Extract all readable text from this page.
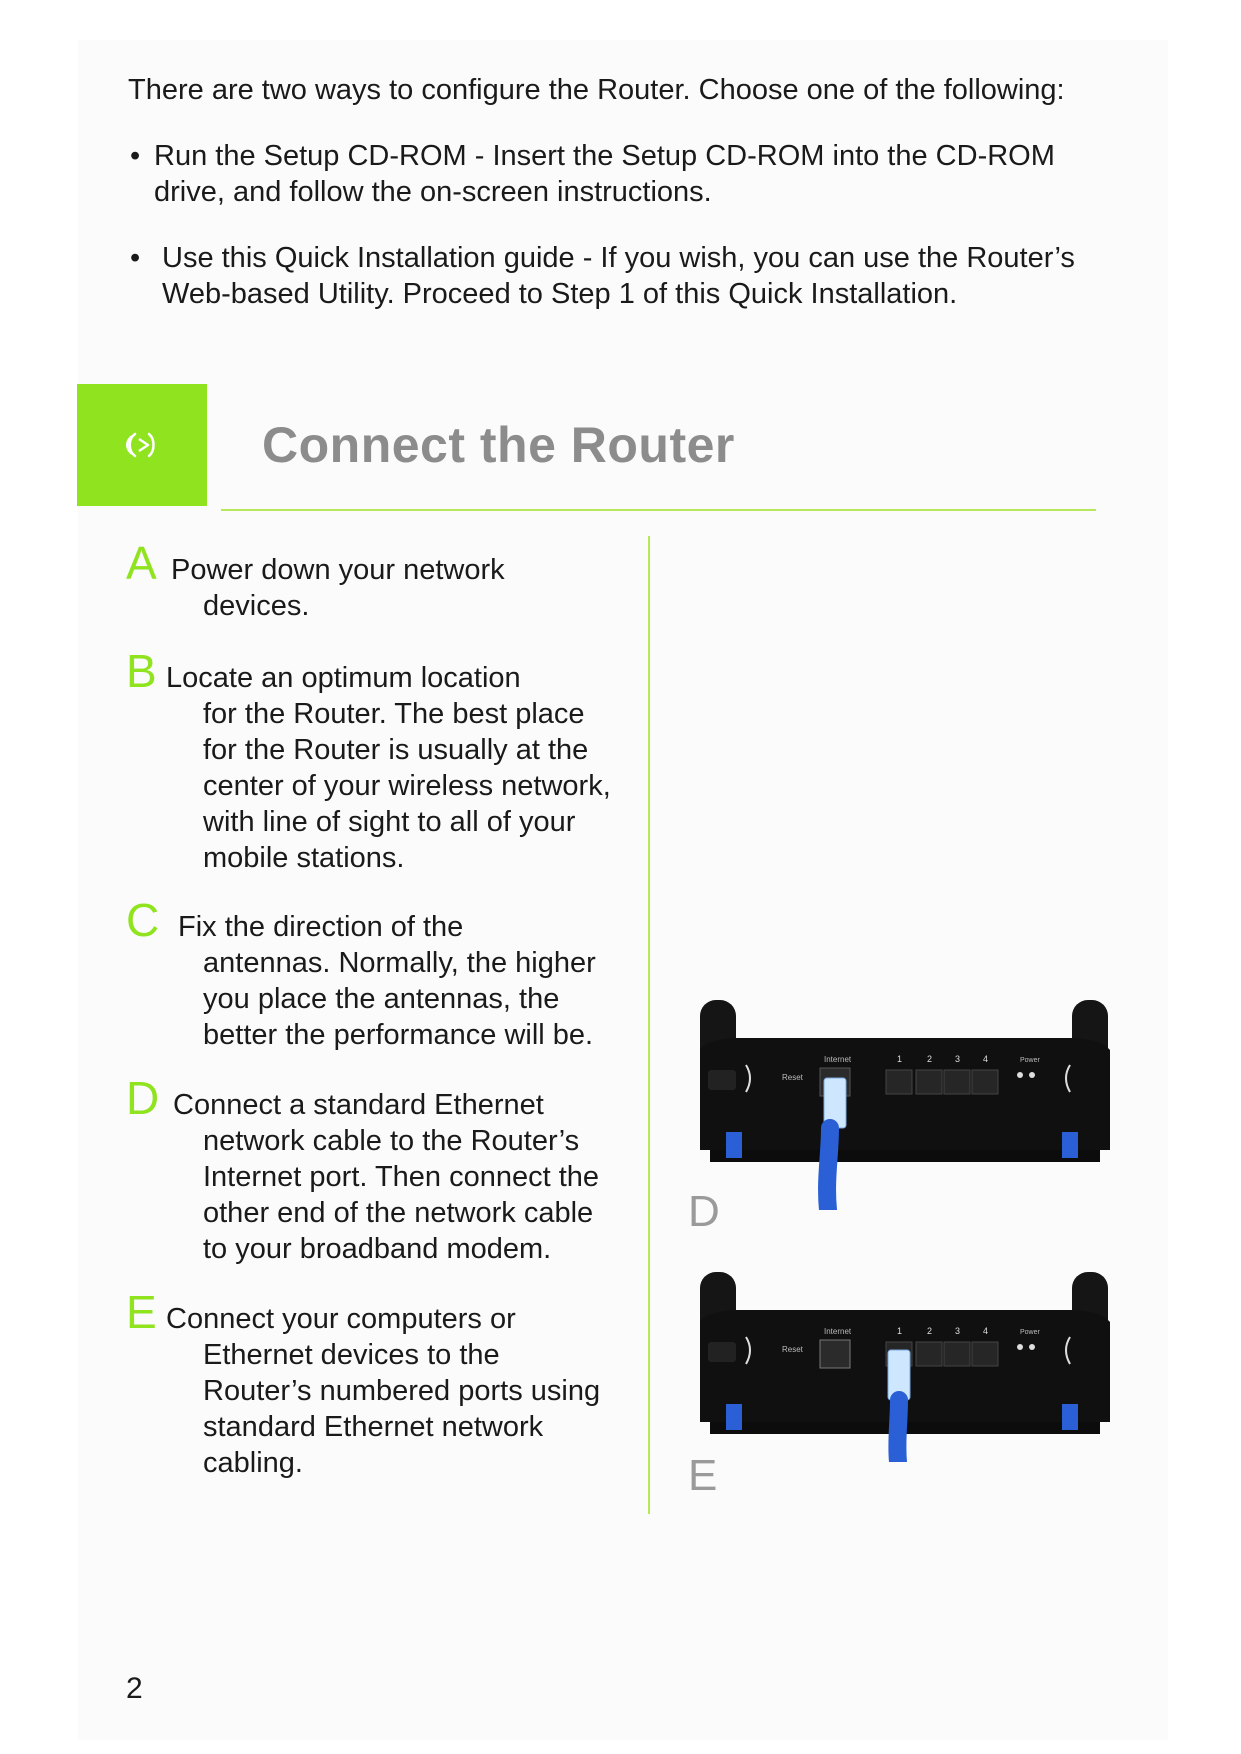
There are two ways to configure the Router. Choose one of the following:

• Run the Setup CD-ROM - Insert the Setup CD-ROM into the CD-ROM drive, and follow the on-screen instructions.
• Use this Quick Installation guide - If you wish, you can use the Router’s Web-based Utility. Proceed to Step 1 of this Quick Installation.
Connect the Router
A Power down your network
devices.
B Locate an optimum location
for the Router. The best place
for the Router is usually at the
center of your wireless network,
with line of sight to all of your
mobile stations.
C Fix the direction of the
antennas. Normally, the higher
you place the antennas, the
better the performance will be.
D Connect a standard Ethernet
network cable to the Router’s
Internet port. Then connect the
other end of the network cable
to your broadband modem.
E Connect your computers or
Ethernet devices to the
Router’s numbered ports using
standard Ethernet network
cabling.
Reset
Internet	1	2	3	4	Power
D
Reset
Internet	1	2	3	4	Power
E
2
